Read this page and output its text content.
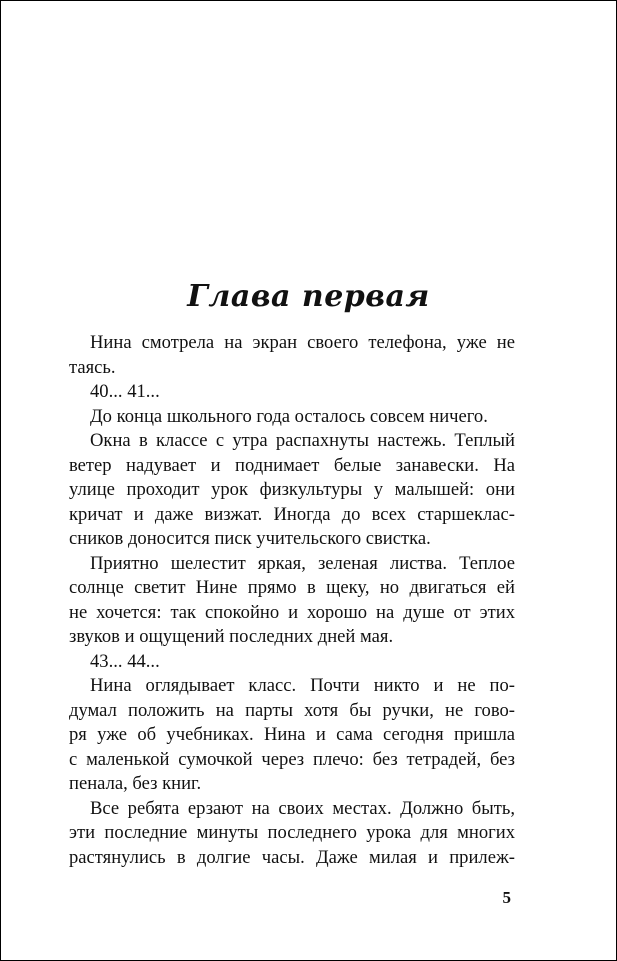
Глава первая
Нина смотрела на экран своего телефона, уже не
таясь.
40... 41...
До конца школьного года осталось совсем ничего.
Окна в классе с утра распахнуты настежь. Теплый
ветер надувает и поднимает белые занавески. На
улице проходит урок физкультуры у малышей: они
кричат и даже визжат. Иногда до всех старшеклас-
сников доносится писк учительского свистка.
Приятно шелестит яркая, зеленая листва. Теплое
солнце светит Нине прямо в щеку, но двигаться ей
не хочется: так спокойно и хорошо на душе от этих
звуков и ощущений последних дней мая.
43... 44...
Нина оглядывает класс. Почти никто и не по-
думал положить на парты хотя бы ручки, не гово-
ря уже об учебниках. Нина и сама сегодня пришла
с маленькой сумочкой через плечо: без тетрадей, без
пенала, без книг.
Все ребята ерзают на своих местах. Должно быть,
эти последние минуты последнего урока для многих
растянулись в долгие часы. Даже милая и прилеж-
5
